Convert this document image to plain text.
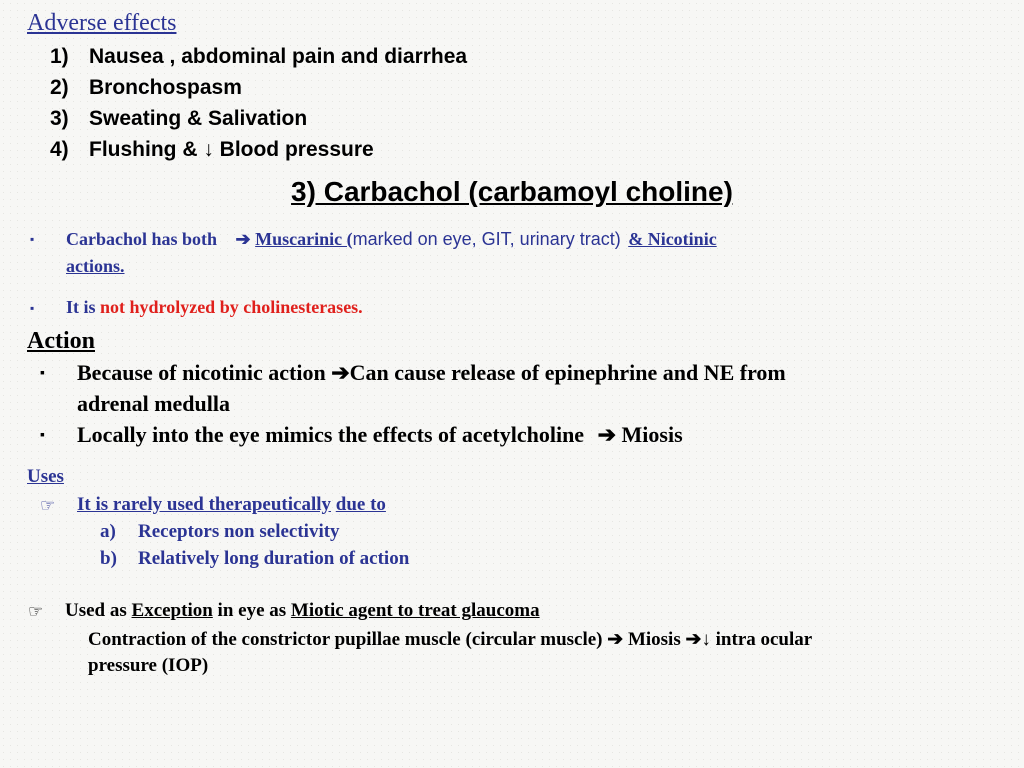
Adverse effects
1) Nausea , abdominal pain and diarrhea
2) Bronchospasm
3) Sweating & Salivation
4) Flushing & ↓ Blood pressure
3) Carbachol (carbamoyl choline)
▪ Carbachol has both ➔ Muscarinic (marked on eye, GIT, urinary tract) & Nicotinic
actions.
▪ It is not hydrolyzed by cholinesterases.
Action
▪ Because of nicotinic action ➔Can cause release of epinephrine and NE from
adrenal medulla
▪ Locally into the eye mimics the effects of acetylcholine ➔ Miosis
Uses
☞ It is rarely used therapeutically due to
a) Receptors non selectivity
b) Relatively long duration of action
☞ Used as Exception in eye as Miotic agent to treat glaucoma
Contraction of the constrictor pupillae muscle (circular muscle) ➔ Miosis ➔↓ intra ocular
pressure (IOP)
